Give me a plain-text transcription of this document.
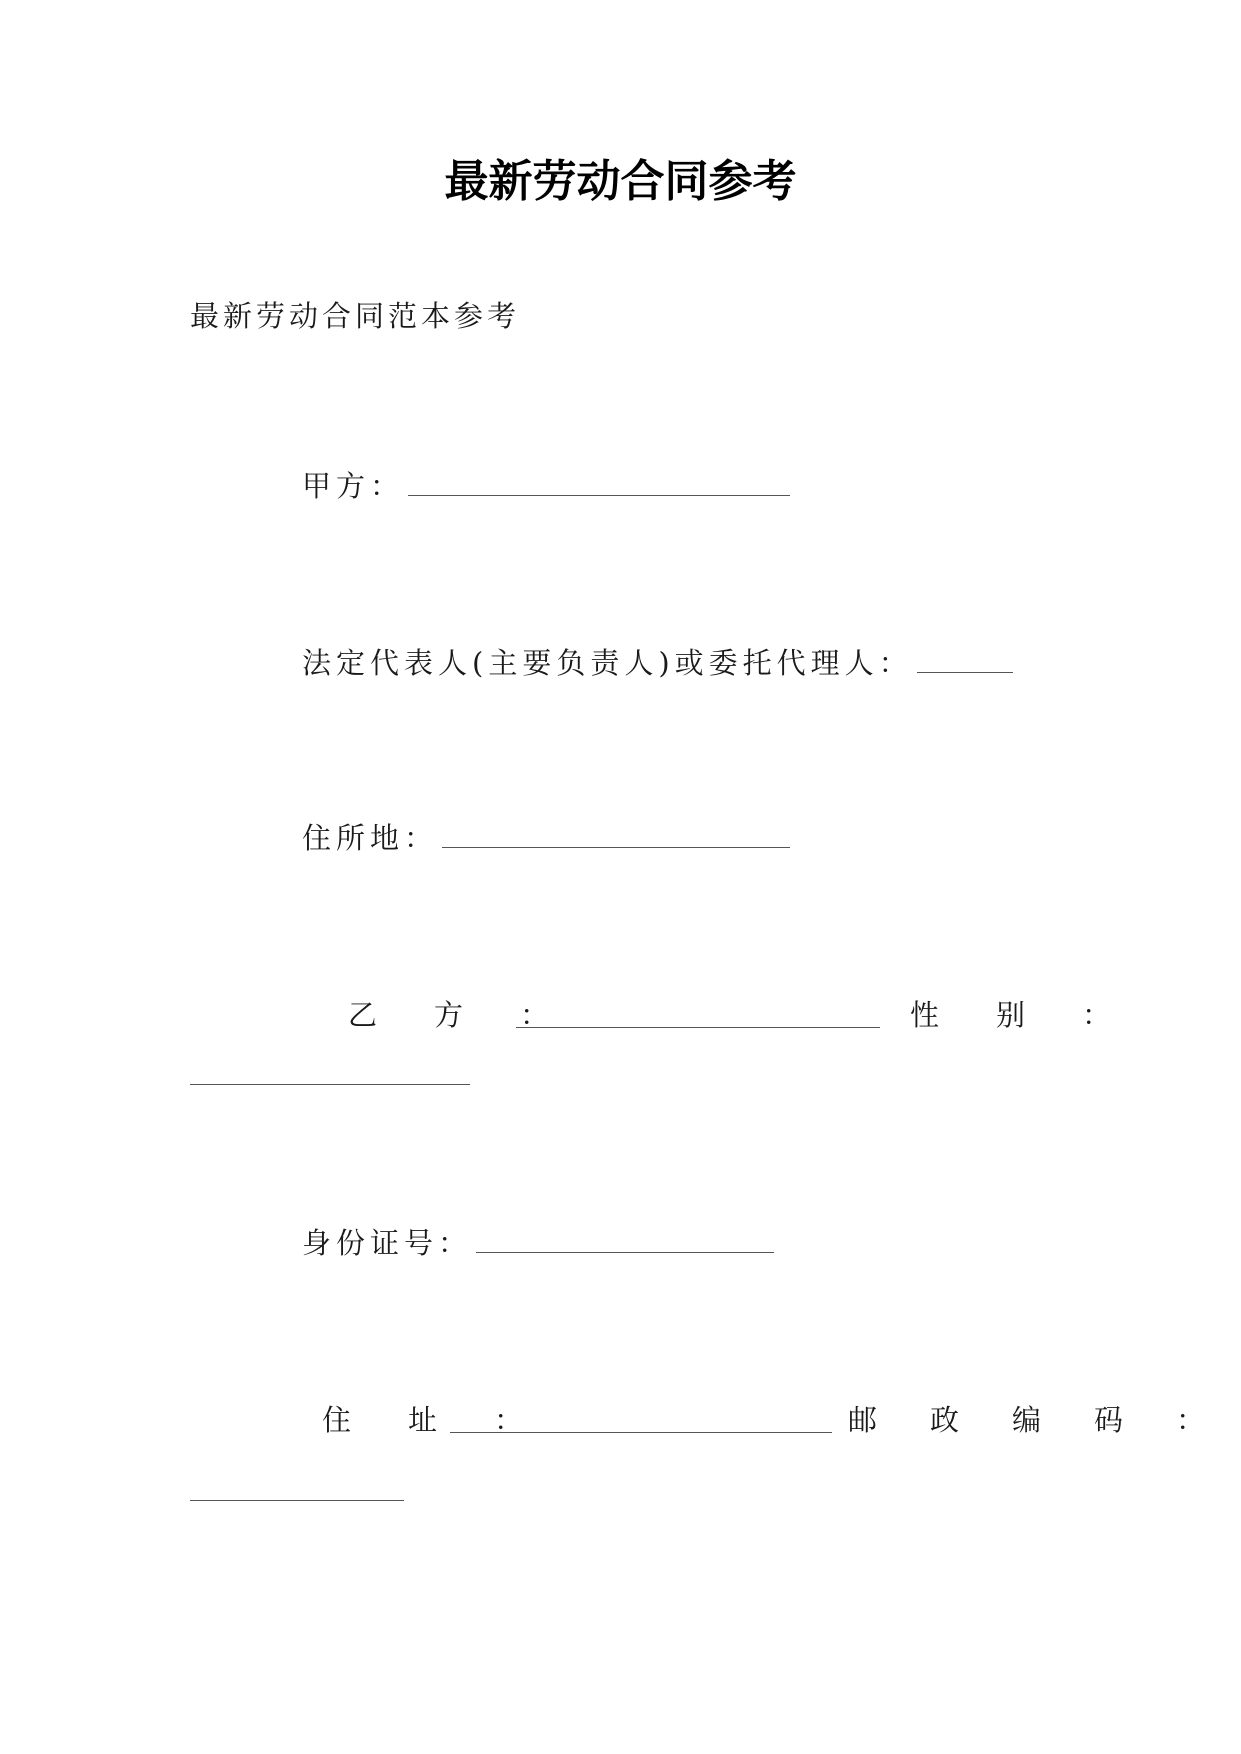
最新劳动合同参考
最新劳动合同范本参考
甲方：
法定代表人(主要负责人)或委托代理人：
住所地：
乙　方　：	性　别　：
身份证号：
住　址　：	邮　政　编　码　：
